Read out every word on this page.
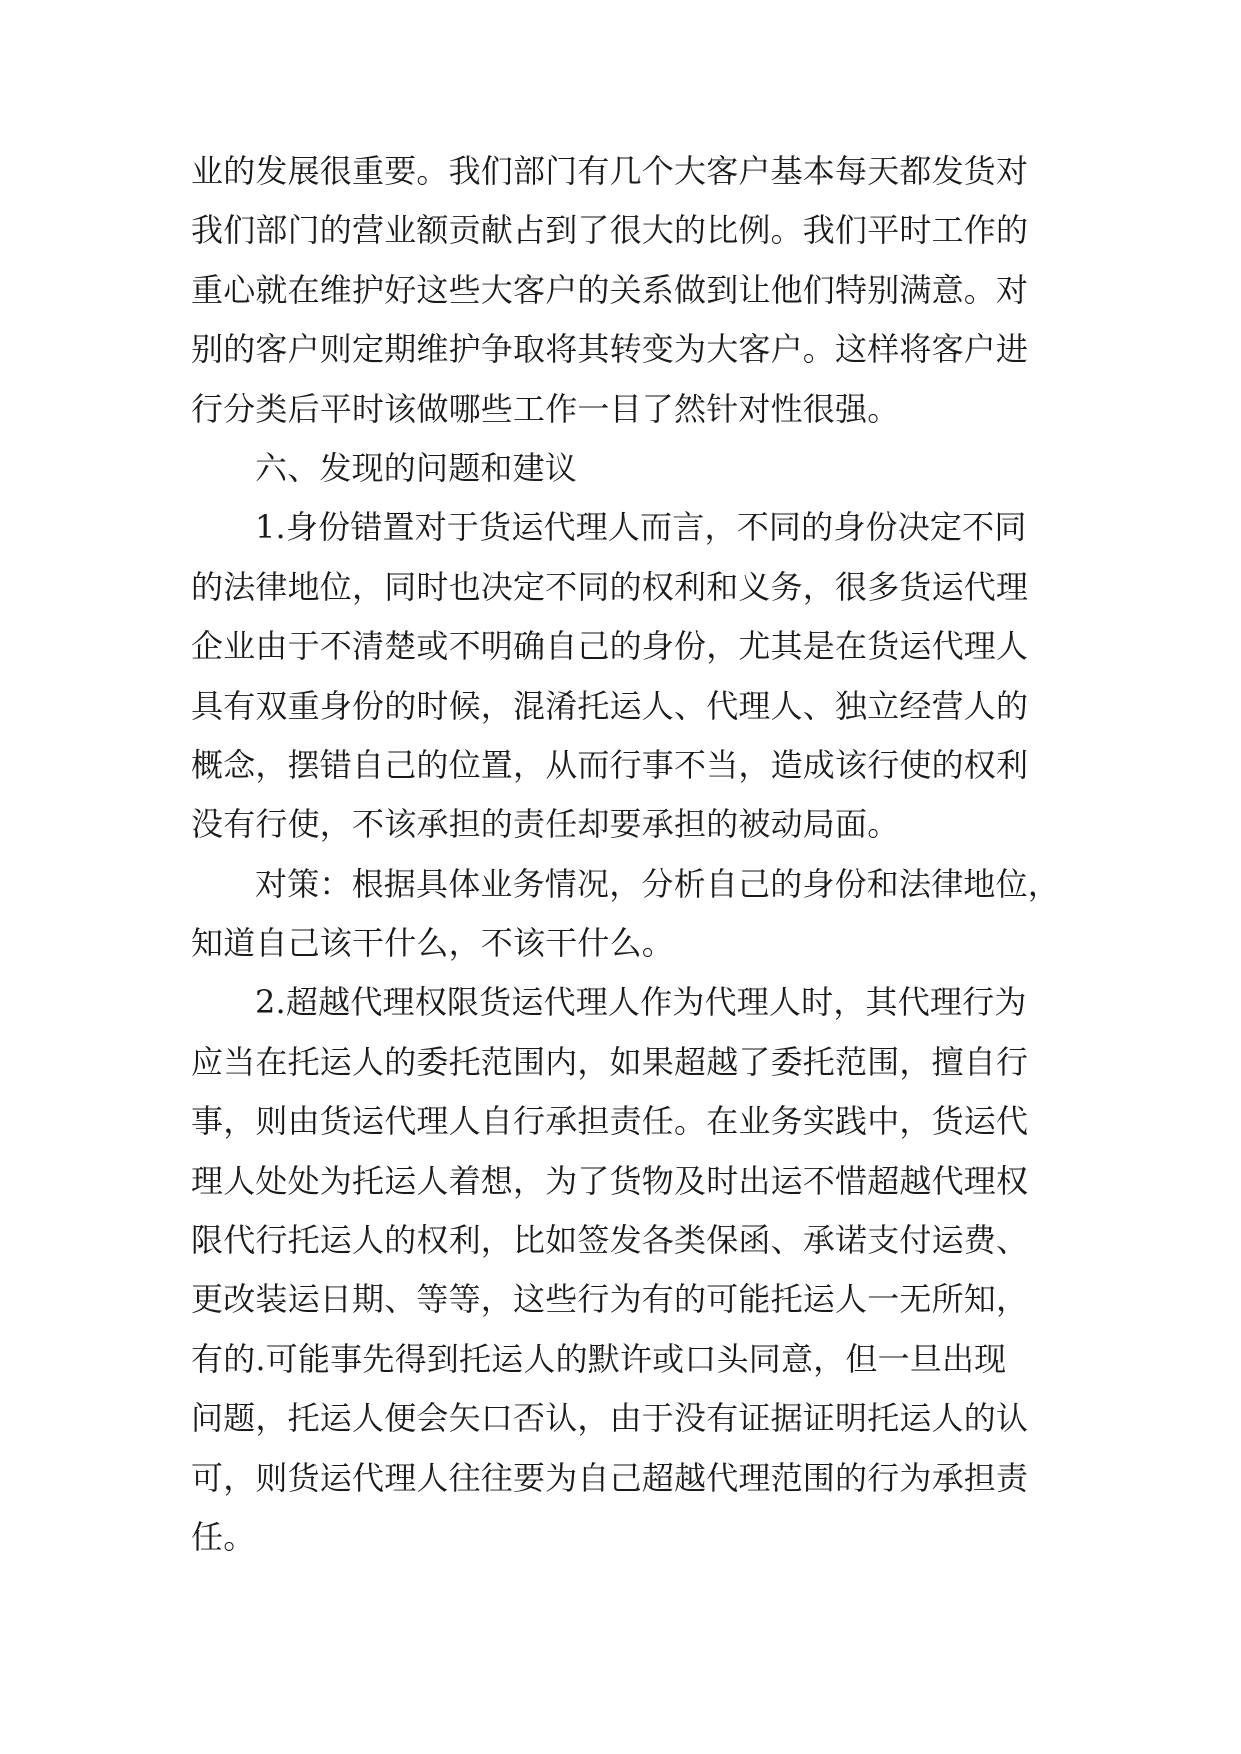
业的发展很重要。我们部门有几个大客户基本每天都发货对
我们部门的营业额贡献占到了很大的比例。我们平时工作的
重心就在维护好这些大客户的关系做到让他们特别满意。对
别的客户则定期维护争取将其转变为大客户。这样将客户进
行分类后平时该做哪些工作一目了然针对性很强。
六、发现的问题和建议
1.身份错置对于货运代理人而言，不同的身份决定不同
的法律地位，同时也决定不同的权利和义务，很多货运代理
企业由于不清楚或不明确自己的身份，尤其是在货运代理人
具有双重身份的时候，混淆托运人、代理人、独立经营人的
概念，摆错自己的位置，从而行事不当，造成该行使的权利
没有行使，不该承担的责任却要承担的被动局面。
对策：根据具体业务情况，分析自己的身份和法律地位，
知道自己该干什么，不该干什么。
2.超越代理权限货运代理人作为代理人时，其代理行为
应当在托运人的委托范围内，如果超越了委托范围，擅自行
事，则由货运代理人自行承担责任。在业务实践中，货运代
理人处处为托运人着想，为了货物及时出运不惜超越代理权
限代行托运人的权利，比如签发各类保函、承诺支付运费、
更改装运日期、等等，这些行为有的可能托运人一无所知，
有的.可能事先得到托运人的默许或口头同意，但一旦出现
问题，托运人便会矢口否认，由于没有证据证明托运人的认
可，则货运代理人往往要为自己超越代理范围的行为承担责
任。
